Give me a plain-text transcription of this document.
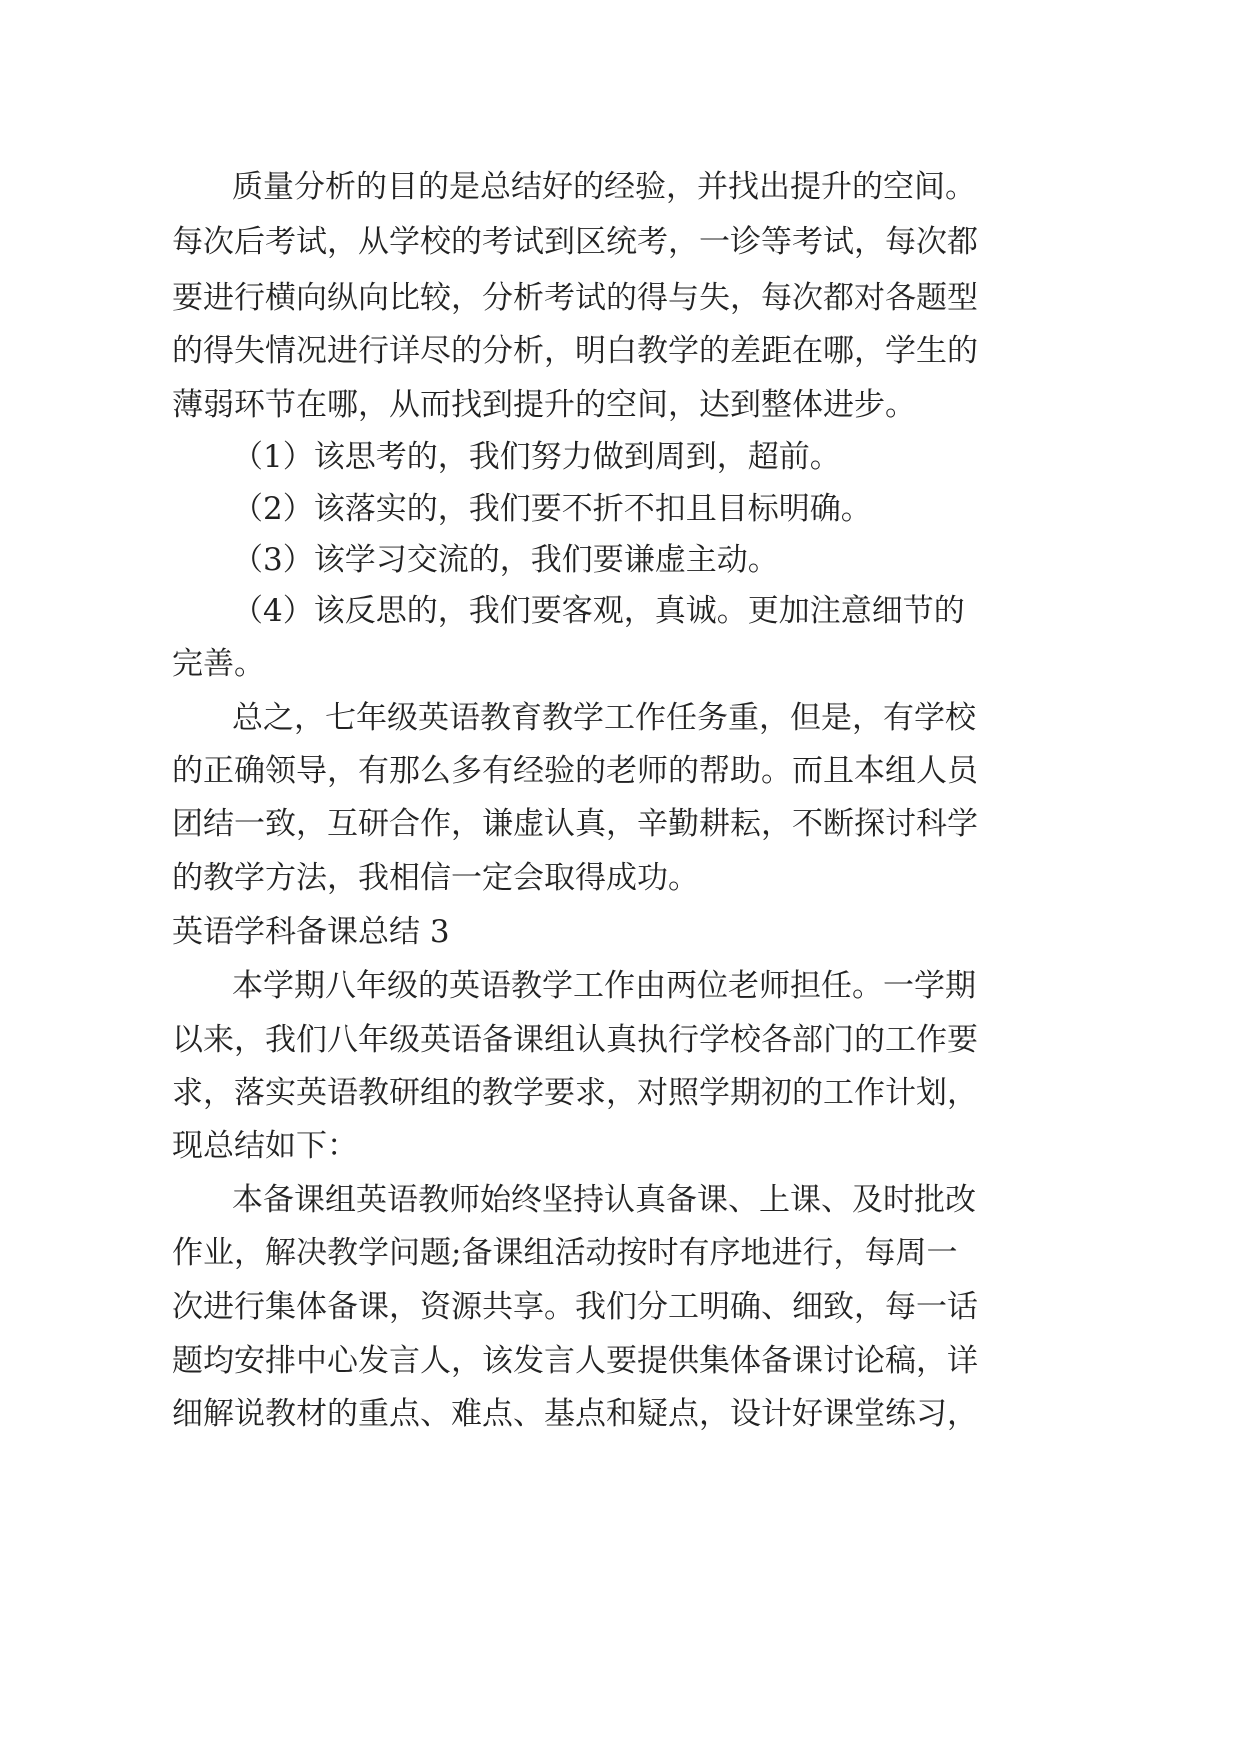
质量分析的目的是总结好的经验，并找出提升的空间。
每次后考试，从学校的考试到区统考，一诊等考试，每次都
要进行横向纵向比较，分析考试的得与失，每次都对各题型
的得失情况进行详尽的分析，明白教学的差距在哪，学生的
薄弱环节在哪，从而找到提升的空间，达到整体进步。
（1）该思考的，我们努力做到周到，超前。
（2）该落实的，我们要不折不扣且目标明确。
（3）该学习交流的，我们要谦虚主动。
（4）该反思的，我们要客观，真诚。更加注意细节的
完善。
总之，七年级英语教育教学工作任务重，但是，有学校
的正确领导，有那么多有经验的老师的帮助。而且本组人员
团结一致，互研合作，谦虚认真，辛勤耕耘，不断探讨科学
的教学方法，我相信一定会取得成功。
英语学科备课总结 3
本学期八年级的英语教学工作由两位老师担任。一学期
以来，我们八年级英语备课组认真执行学校各部门的工作要
求，落实英语教研组的教学要求，对照学期初的工作计划，
现总结如下：
本备课组英语教师始终坚持认真备课、上课、及时批改
作业，解决教学问题;备课组活动按时有序地进行，每周一
次进行集体备课，资源共享。我们分工明确、细致，每一话
题均安排中心发言人，该发言人要提供集体备课讨论稿，详
细解说教材的重点、难点、基点和疑点，设计好课堂练习，
